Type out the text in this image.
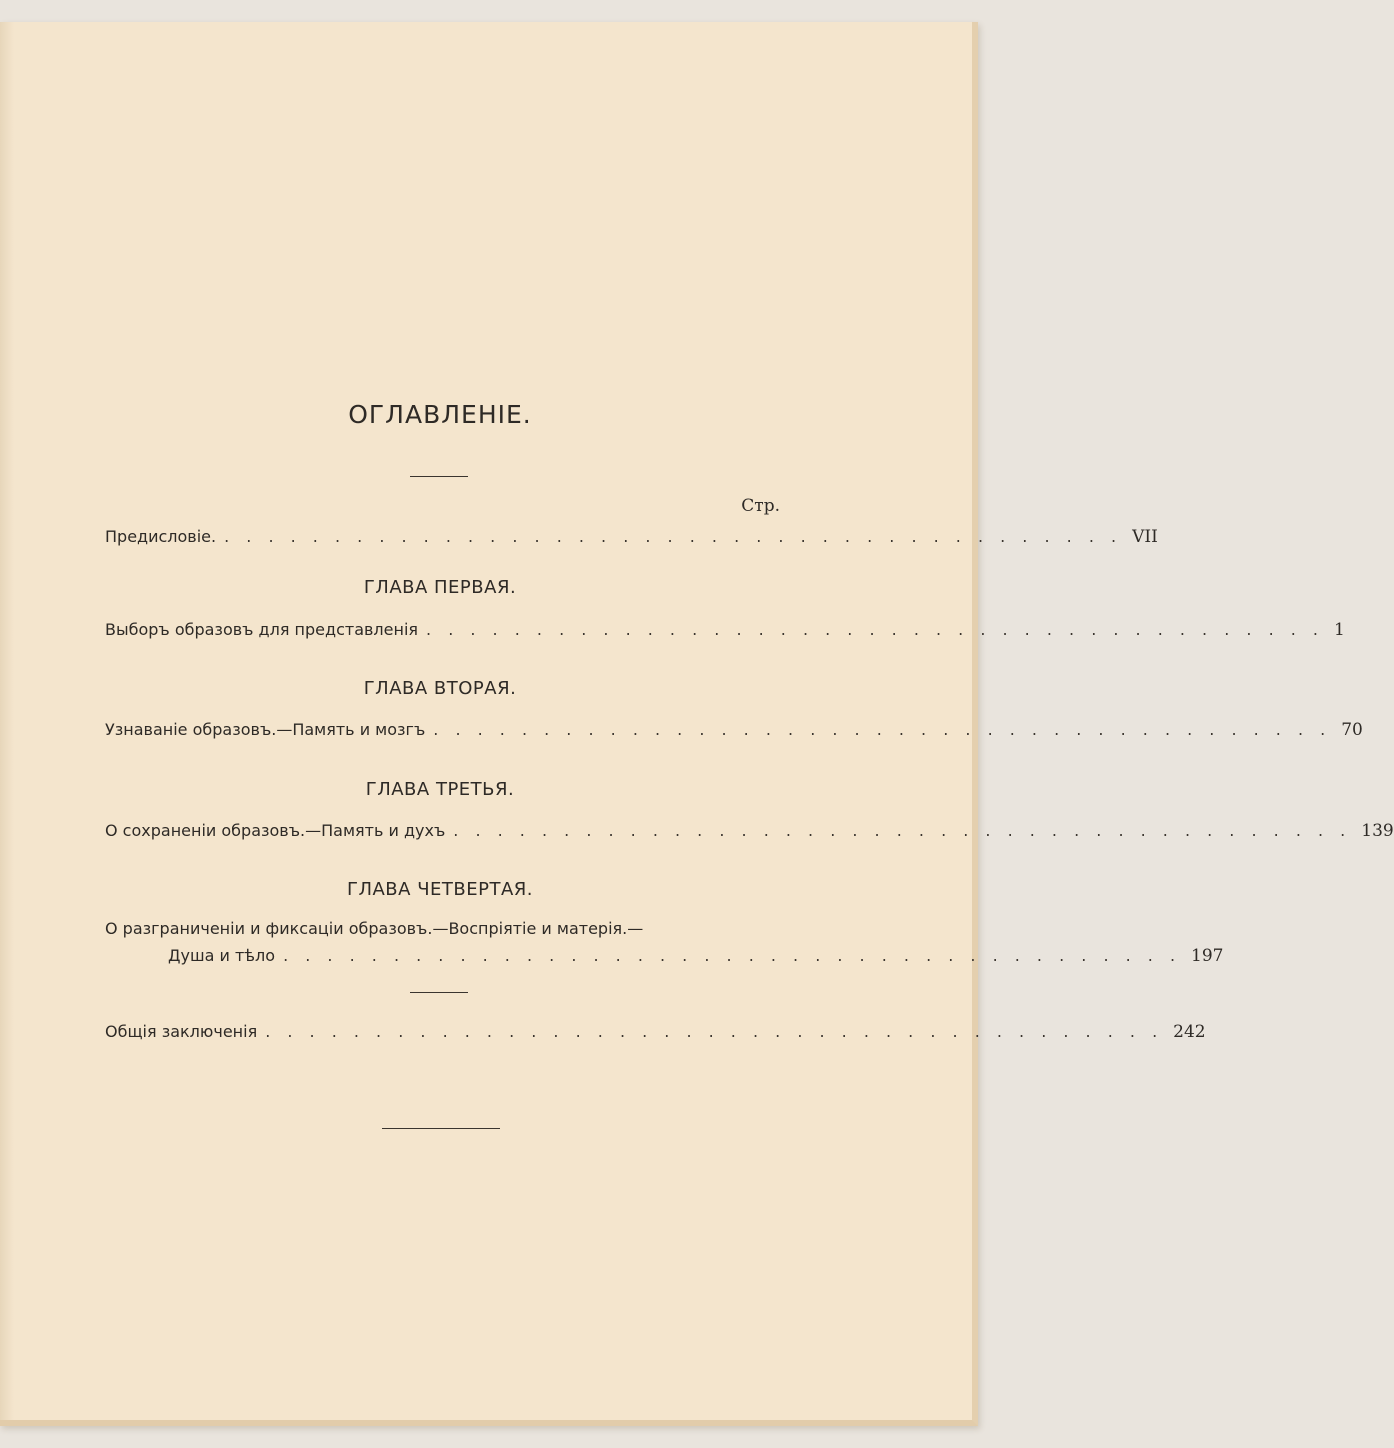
ОГЛАВЛЕНІЕ.
Стр.
Предисловіе. . . . . . . . . . . . . . . . . . . . . . . . . . . . . . . . . . . . . . . . . . VII
ГЛАВА ПЕРВАЯ.
Выборъ образовъ для представленія . . . . . . . . . . . . . . . . . . . . . . . . . . . . . . . . . . . . . . . . . 1
ГЛАВА ВТОРАЯ.
Узнаваніе образовъ.—Память и мозгъ . . . . . . . . . . . . . . . . . . . . . . . . . . . . . . . . . . . . . . . . . 70
ГЛАВА ТРЕТЬЯ.
О сохраненіи образовъ.—Память и духъ . . . . . . . . . . . . . . . . . . . . . . . . . . . . . . . . . . . . . . . . . 139
ГЛАВА ЧЕТВЕРТАЯ.
О разграниченіи и фиксаціи образовъ.—Воспріятіе и матерія.—
Душа и тѣло . . . . . . . . . . . . . . . . . . . . . . . . . . . . . . . . . . . . . . . . . 197
Общія заключенія . . . . . . . . . . . . . . . . . . . . . . . . . . . . . . . . . . . . . . . . . 242
